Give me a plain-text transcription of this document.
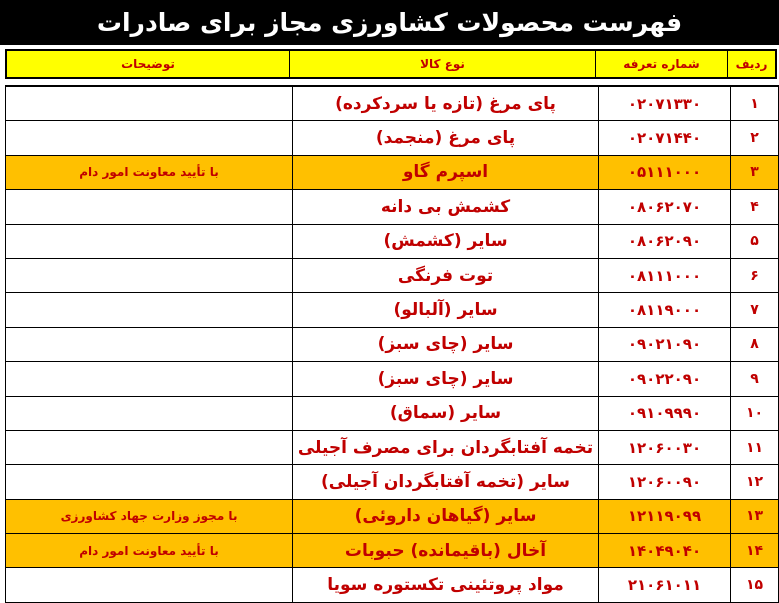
فهرست محصولات کشاورزی مجاز برای صادرات
ردیف
شماره تعرفه
نوع کالا
توضیحات
۱
۰۲۰۷۱۳۳۰
پای مرغ (تازه یا سردکرده)
۲
۰۲۰۷۱۴۴۰
پای مرغ (منجمد)
۳
۰۵۱۱۱۰۰۰
اسپرم گاو
با تأیید معاونت امور دام
۴
۰۸۰۶۲۰۷۰
کشمش بی دانه
۵
۰۸۰۶۲۰۹۰
سایر (کشمش)
۶
۰۸۱۱۱۰۰۰
توت فرنگی
۷
۰۸۱۱۹۰۰۰
سایر (آلبالو)
۸
۰۹۰۲۱۰۹۰
سایر (چای سبز)
۹
۰۹۰۲۲۰۹۰
سایر (چای سبز)
۱۰
۰۹۱۰۹۹۹۰
سایر (سماق)
۱۱
۱۲۰۶۰۰۳۰
تخمه آفتابگردان برای مصرف آجیلی
۱۲
۱۲۰۶۰۰۹۰
سایر (تخمه آفتابگردان آجیلی)
۱۳
۱۲۱۱۹۰۹۹
سایر (گیاهان داروئی)
با مجوز وزارت جهاد کشاورزی
۱۴
۱۴۰۴۹۰۴۰
آخال (باقیمانده) حبوبات
با تأیید معاونت امور دام
۱۵
۲۱۰۶۱۰۱۱
مواد پروتئینی تکستوره سویا
